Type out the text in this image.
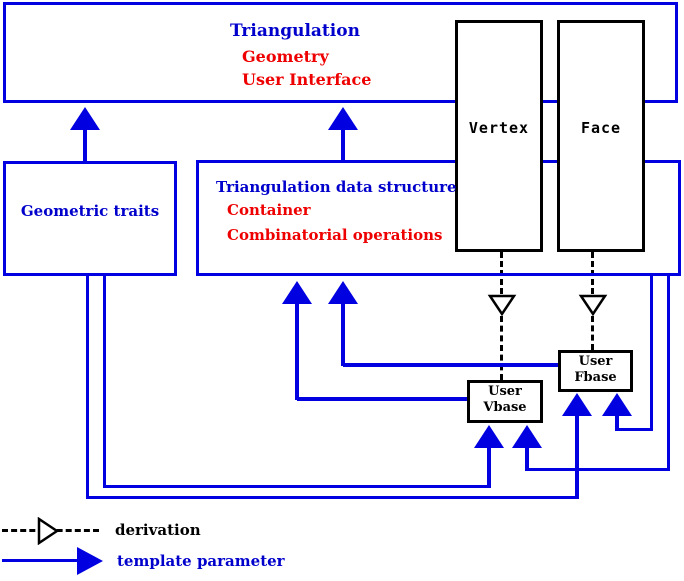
Triangulation
Geometry
User Interface
Geometric traits
Triangulation data structure
Container
Combinatorial operations
Vertex	Face
User
Vbase
User
Fbase
derivation
template parameter
